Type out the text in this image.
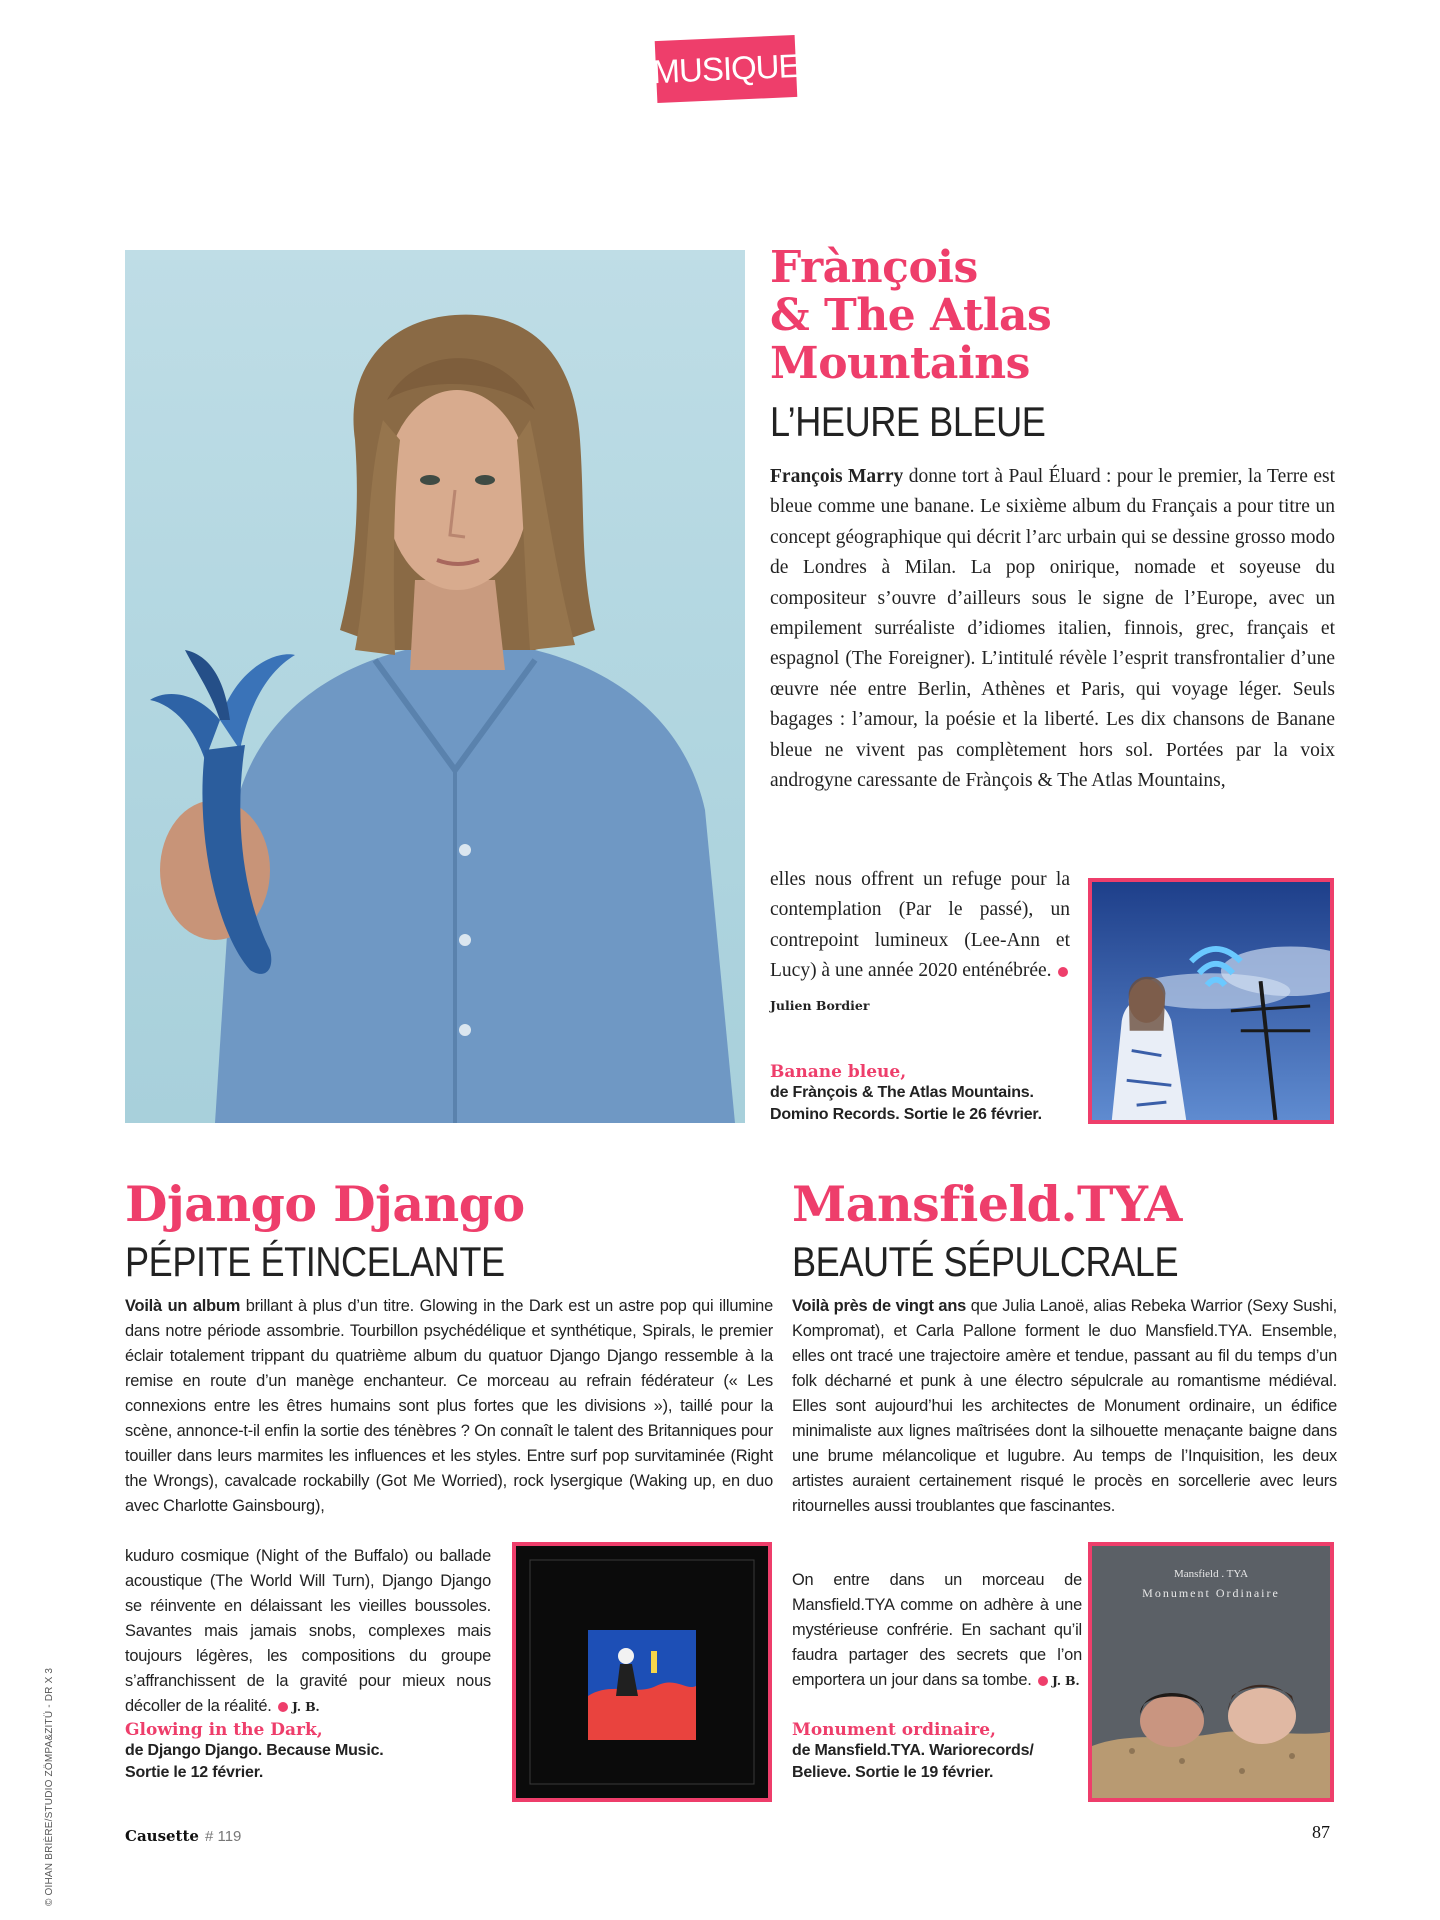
MUSIQUE
Frànçois
& The Atlas
Mountains
L’HEURE BLEUE
François Marry donne tort à Paul Éluard : pour le premier, la Terre est bleue comme une banane. Le sixième album du Français a pour titre un concept géographique qui décrit l’arc urbain qui se dessine grosso modo de Londres à Milan. La pop onirique, nomade et soyeuse du compositeur s’ouvre d’ailleurs sous le signe de l’Europe, avec un empilement surréaliste d’idiomes italien, finnois, grec, français et espagnol (The Foreigner). L’intitulé révèle l’esprit transfrontalier d’une œuvre née entre Berlin, Athènes et Paris, qui voyage léger. Seuls bagages : l’amour, la poésie et la liberté. Les dix chansons de Banane bleue ne vivent pas complètement hors sol. Portées par la voix androgyne caressante de Frànçois & The Atlas Mountains,
elles nous offrent un refuge pour la contemplation (Par le passé), un contrepoint lumineux (Lee-Ann et Lucy) à une année 2020 enténébrée.
Julien Bordier
Banane bleue,
de Frànçois & The Atlas Mountains.
Domino Records. Sortie le 26 février.
Django Django
PÉPITE ÉTINCELANTE
Voilà un album brillant à plus d’un titre. Glowing in the Dark est un astre pop qui illumine dans notre période assombrie. Tourbillon psychédélique et synthétique, Spirals, le premier éclair totalement trippant du quatrième album du quatuor Django Django ressemble à la remise en route d’un manège enchanteur. Ce morceau au refrain fédérateur (« Les connexions entre les êtres humains sont plus fortes que les divisions »), taillé pour la scène, annonce-t-il enfin la sortie des ténèbres ? On connaît le talent des Britanniques pour touiller dans leurs marmites les influences et les styles. Entre surf pop survitaminée (Right the Wrongs), cavalcade rockabilly (Got Me Worried), rock lysergique (Waking up, en duo avec Charlotte Gainsbourg),
kuduro cosmique (Night of the Buffalo) ou ballade acoustique (The World Will Turn), Django Django se réinvente en délaissant les vieilles boussoles. Savantes mais jamais snobs, complexes mais toujours légères, les compositions du groupe s’affranchissent de la gravité pour mieux nous décoller de la réalité. J. B.
Glowing in the Dark,
de Django Django. Because Music.
Sortie le 12 février.
Mansfield.TYA
BEAUTÉ SÉPULCRALE
Voilà près de vingt ans que Julia Lanoë, alias Rebeka Warrior (Sexy Sushi, Kompromat), et Carla Pallone forment le duo Mansfield.TYA. Ensemble, elles ont tracé une trajectoire amère et tendue, passant au fil du temps d’un folk décharné et punk à une électro sépulcrale au romantisme médiéval. Elles sont aujourd’hui les architectes de Monument ordinaire, un édifice minimaliste aux lignes maîtrisées dont la silhouette menaçante baigne dans une brume mélancolique et lugubre. Au temps de l’Inquisition, les deux artistes auraient certainement risqué le procès en sorcellerie avec leurs ritournelles aussi troublantes que fascinantes.
On entre dans un morceau de Mansfield.TYA comme on adhère à une mystérieuse confrérie. En sachant qu’il faudra partager des secrets que l’on emportera un jour dans sa tombe. J. B.
Monument ordinaire,
de Mansfield.TYA. Wariorecords/
Believe. Sortie le 19 février.
Mansfield . TYA
Monument Ordinaire
© OIHAN BRIÈRE/STUDIO ZÖMPA&ZITÜ - DR X 3	Causette # 119	87
